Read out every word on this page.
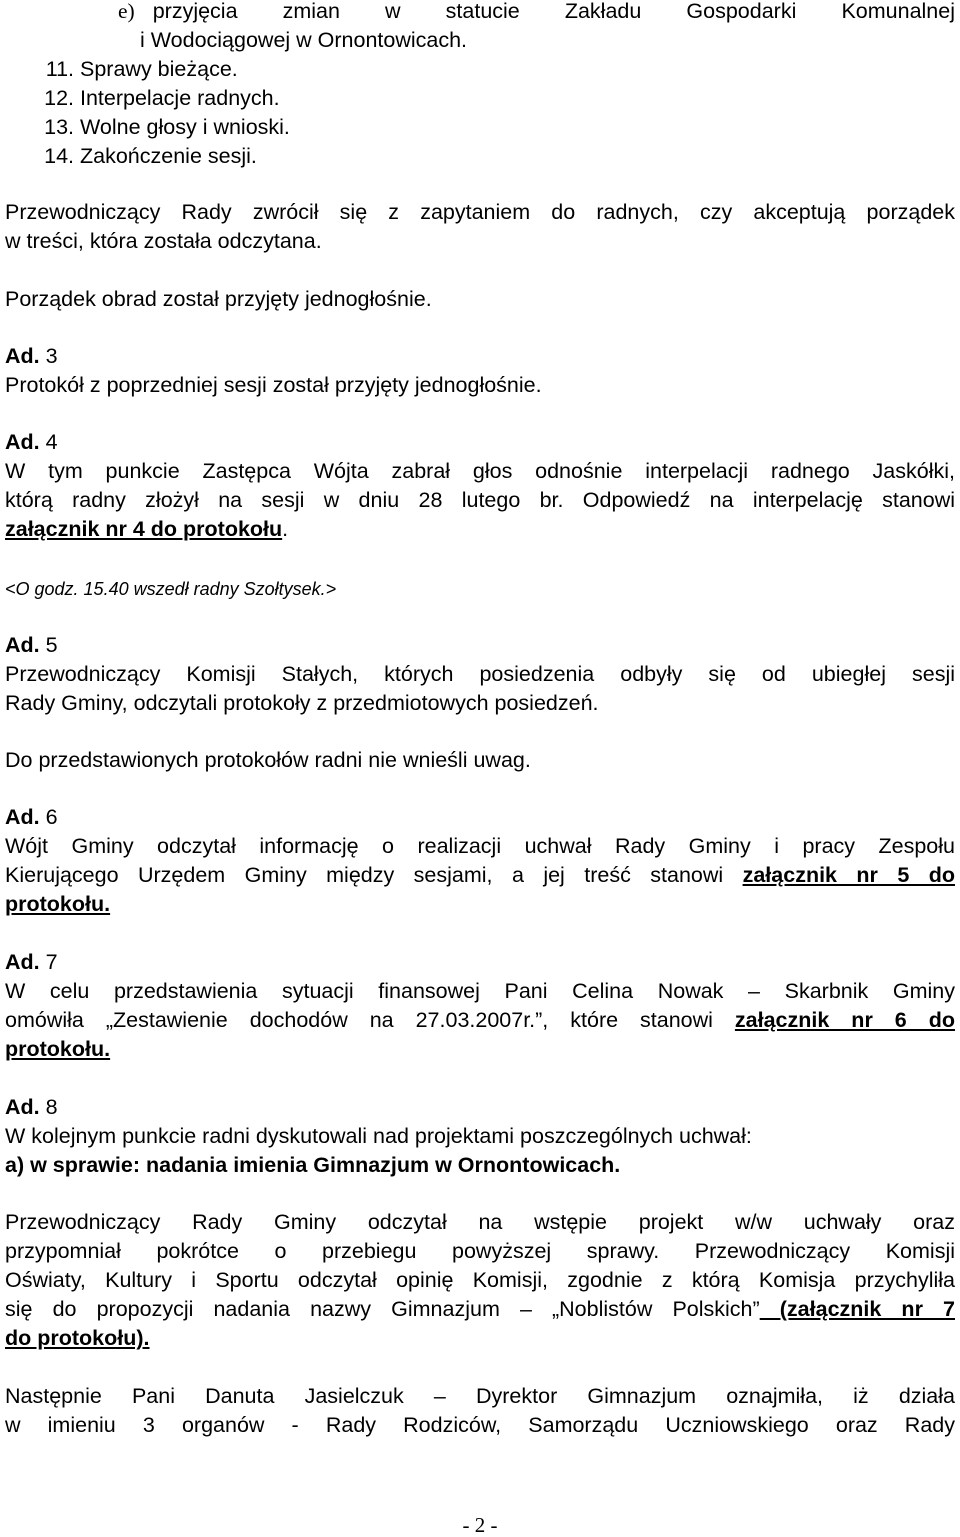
e) przyjęcia zmian w statucie Zakładu Gospodarki Komunalnej
i Wodociągowej w Ornontowicach.
11. Sprawy bieżące.
12. Interpelacje radnych.
13. Wolne głosy i wnioski.
14. Zakończenie sesji.
Przewodniczący Rady zwrócił się z zapytaniem do radnych, czy akceptują porządek
w treści, która została odczytana.
Porządek obrad został przyjęty jednogłośnie.
Ad. 3
Protokół z poprzedniej sesji został przyjęty jednogłośnie.
Ad. 4
W tym punkcie Zastępca Wójta zabrał głos odnośnie interpelacji radnego Jaskółki,
którą radny złożył na sesji w dniu 28 lutego br. Odpowiedź na interpelację stanowi
załącznik nr 4 do protokołu.
<O godz. 15.40 wszedł radny Szołtysek.>
Ad. 5
Przewodniczący Komisji Stałych, których posiedzenia odbyły się od ubiegłej sesji
Rady Gminy, odczytali protokoły z przedmiotowych posiedzeń.
Do przedstawionych protokołów radni nie wnieśli uwag.
Ad. 6
Wójt Gminy odczytał informację o realizacji uchwał Rady Gminy i pracy Zespołu
Kierującego Urzędem Gminy między sesjami, a jej treść stanowi załącznik nr 5 do
protokołu.
Ad. 7
W celu przedstawienia sytuacji finansowej Pani Celina Nowak – Skarbnik Gminy
omówiła „Zestawienie dochodów na 27.03.2007r.”, które stanowi załącznik nr 6 do
protokołu.
Ad. 8
W kolejnym punkcie radni dyskutowali nad projektami poszczególnych uchwał:
a) w sprawie: nadania imienia Gimnazjum w Ornontowicach.
Przewodniczący Rady Gminy odczytał na wstępie projekt w/w uchwały oraz
przypomniał pokrótce o przebiegu powyższej sprawy. Przewodniczący Komisji
Oświaty, Kultury i Sportu odczytał opinię Komisji, zgodnie z którą Komisja przychyliła
się do propozycji nadania nazwy Gimnazjum – „Noblistów Polskich” (załącznik nr 7
do protokołu).
Następnie Pani Danuta Jasielczuk – Dyrektor Gimnazjum oznajmiła, iż działa
w imieniu 3 organów - Rady Rodziców, Samorządu Uczniowskiego oraz Rady
- 2 -
